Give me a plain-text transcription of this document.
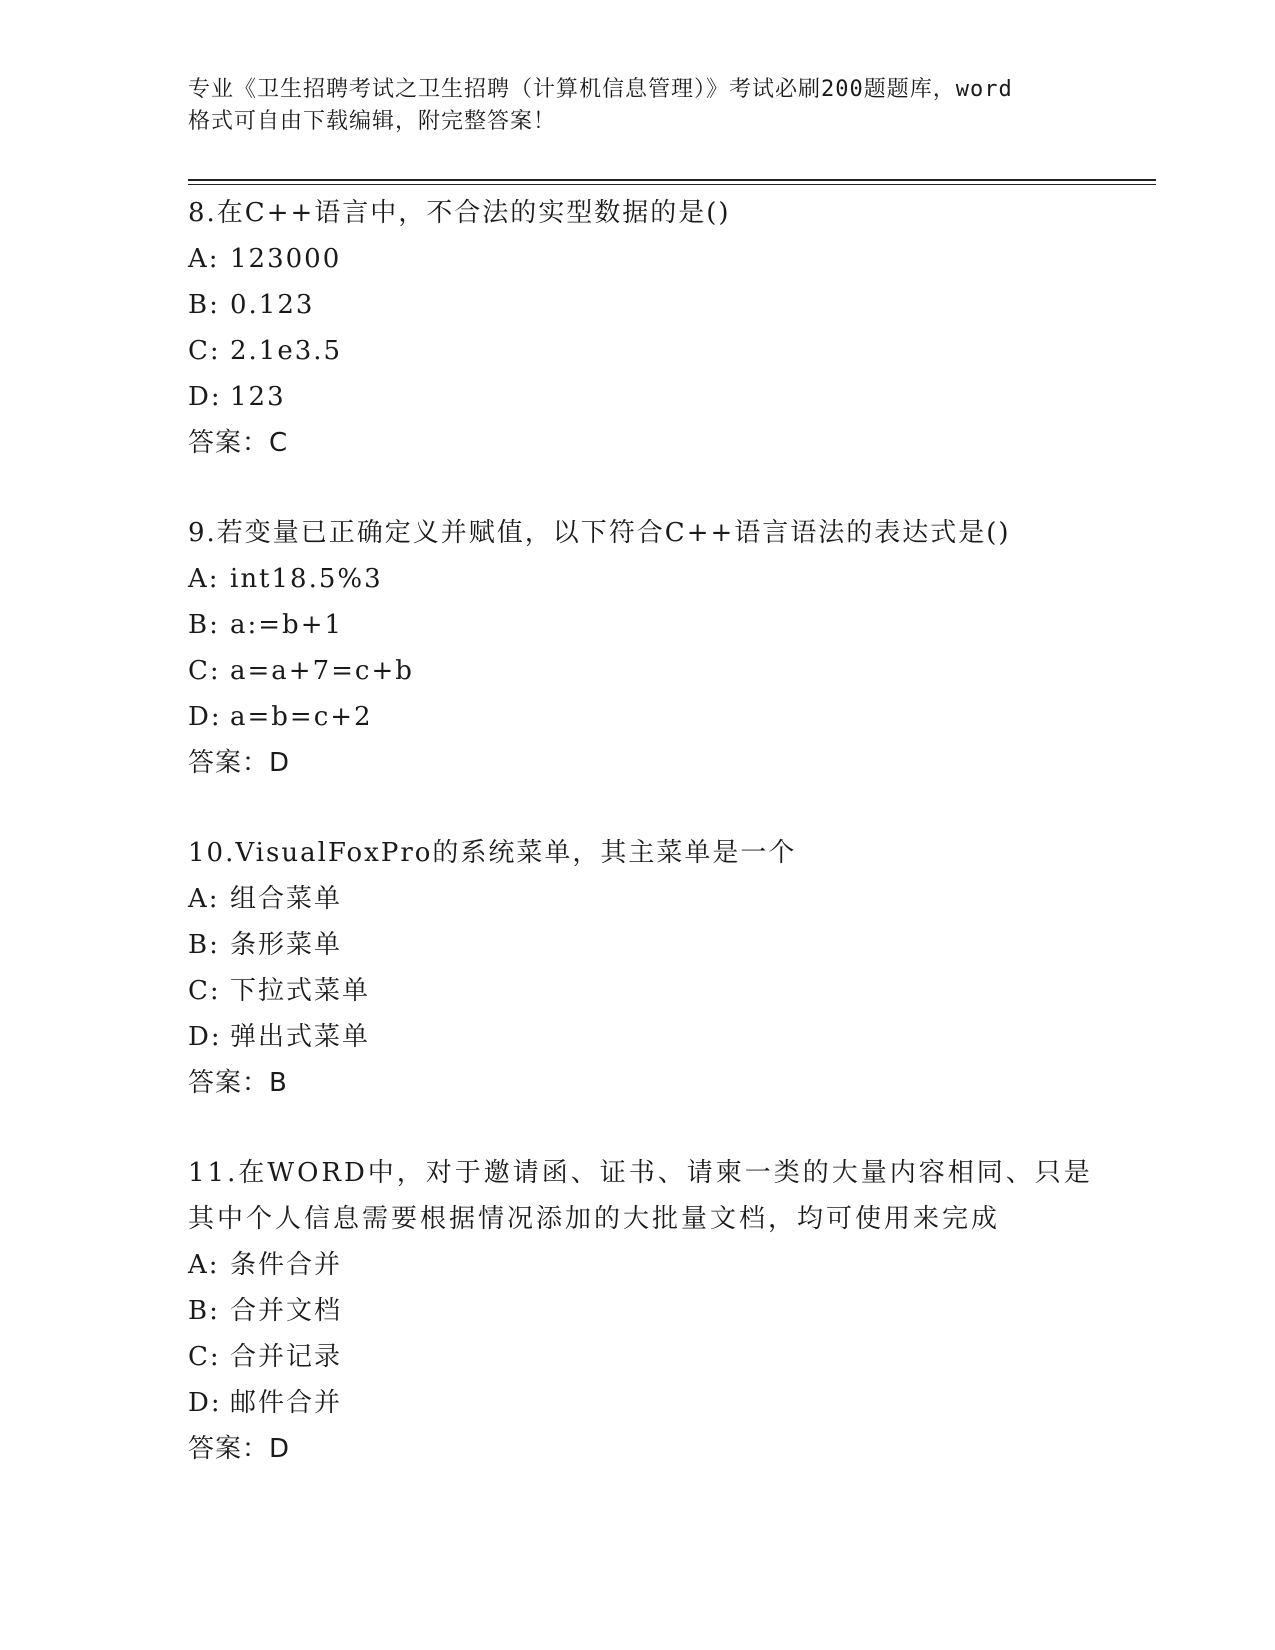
专业《卫生招聘考试之卫生招聘（计算机信息管理）》考试必刷200题题库，word
格式可自由下载编辑，附完整答案！
8.在C++语言中，不合法的实型数据的是()
A: 123000
B: 0.123
C: 2.1e3.5
D: 123
答案：C
9.若变量已正确定义并赋值，以下符合C++语言语法的表达式是()
A: int18.5%3
B: a:=b+1
C: a=a+7=c+b
D: a=b=c+2
答案：D
10.VisualFoxPro的系统菜单，其主菜单是一个
A: 组合菜单
B: 条形菜单
C: 下拉式菜单
D: 弹出式菜单
答案：B
11.在WORD中，对于邀请函、证书、请柬一类的大量内容相同、只是
其中个人信息需要根据情况添加的大批量文档，均可使用来完成
A: 条件合并
B: 合并文档
C: 合并记录
D: 邮件合并
答案：D
